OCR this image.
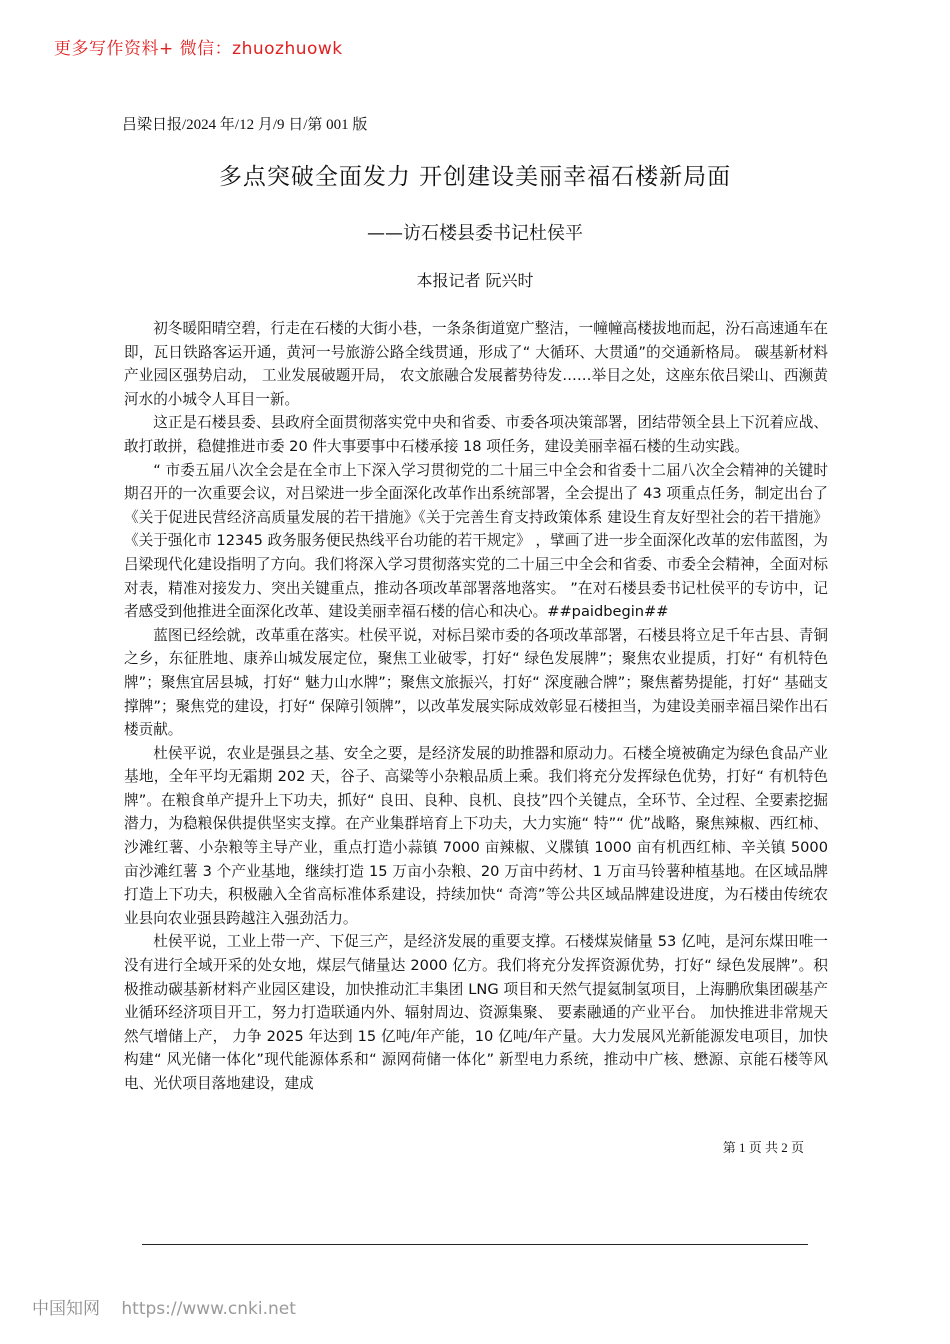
更多写作资料+ 微信：zhuozhuowk
吕梁日报/2024 年/12 月/9 日/第 001 版
多点突破全面发力 开创建设美丽幸福石楼新局面
——访石楼县委书记杜侯平
本报记者 阮兴时

初冬暖阳晴空碧，行走在石楼的大街小巷，一条条街道宽广整洁，一幢幢高楼拔地而起，汾石高速通车在即，瓦日铁路客运开通，黄河一号旅游公路全线贯通，形成了“ 大循环、大贯通”的交通新格局。 碳基新材料产业园区强势启动， 工业发展破题开局， 农文旅融合发展蓄势待发……举目之处，这座东依吕梁山、西濒黄河水的小城令人耳目一新。

这正是石楼县委、县政府全面贯彻落实党中央和省委、市委各项决策部署，团结带领全县上下沉着应战、敢打敢拼，稳健推进市委 20 件大事要事中石楼承接 18 项任务，建设美丽幸福石楼的生动实践。

“ 市委五届八次全会是在全市上下深入学习贯彻党的二十届三中全会和省委十二届八次全会精神的关键时期召开的一次重要会议，对吕梁进一步全面深化改革作出系统部署，全会提出了 43 项重点任务，制定出台了《关于促进民营经济高质量发展的若干措施》《关于完善生育支持政策体系 建设生育友好型社会的若干措施》《关于强化市 12345 政务服务便民热线平台功能的若干规定》 ，擘画了进一步全面深化改革的宏伟蓝图，为吕梁现代化建设指明了方向。我们将深入学习贯彻落实党的二十届三中全会和省委、市委全会精神，全面对标对表，精准对接发力、突出关键重点，推动各项改革部署落地落实。 ”在对石楼县委书记杜侯平的专访中，记者感受到他推进全面深化改革、建设美丽幸福石楼的信心和决心。##paidbegin##

蓝图已经绘就，改革重在落实。杜侯平说，对标吕梁市委的各项改革部署，石楼县将立足千年古县、青铜之乡，东征胜地、康养山城发展定位，聚焦工业破零，打好“ 绿色发展牌”；聚焦农业提质，打好“ 有机特色牌”；聚焦宜居县城，打好“ 魅力山水牌”；聚焦文旅振兴，打好“ 深度融合牌”；聚焦蓄势提能，打好“ 基础支撑牌”；聚焦党的建设，打好“ 保障引领牌”，以改革发展实际成效彰显石楼担当，为建设美丽幸福吕梁作出石楼贡献。

杜侯平说，农业是强县之基、安全之要，是经济发展的助推器和原动力。石楼全境被确定为绿色食品产业基地，全年平均无霜期 202 天，谷子、高粱等小杂粮品质上乘。我们将充分发挥绿色优势，打好“ 有机特色牌”。在粮食单产提升上下功夫，抓好“ 良田、良种、良机、良技”四个关键点，全环节、全过程、全要素挖掘潜力，为稳粮保供提供坚实支撑。在产业集群培育上下功夫，大力实施“ 特”“ 优”战略，聚焦辣椒、西红柿、沙滩红薯、小杂粮等主导产业，重点打造小蒜镇 7000 亩辣椒、义牒镇 1000 亩有机西红柿、辛关镇 5000 亩沙滩红薯 3 个产业基地，继续打造 15 万亩小杂粮、20 万亩中药材、1 万亩马铃薯种植基地。在区域品牌打造上下功夫，积极融入全省高标准体系建设，持续加快“ 奇湾”等公共区域品牌建设进度，为石楼由传统农业县向农业强县跨越注入强劲活力。

杜侯平说，工业上带一产、下促三产，是经济发展的重要支撑。石楼煤炭储量 53 亿吨，是河东煤田唯一没有进行全域开采的处女地，煤层气储量达 2000 亿方。我们将充分发挥资源优势，打好“ 绿色发展牌”。积极推动碳基新材料产业园区建设，加快推动汇丰集团 LNG 项目和天然气提氦制氢项目，上海鹏欣集团碳基产业循环经济项目开工，努力打造联通内外、辐射周边、资源集聚、 要素融通的产业平台。 加快推进非常规天然气增储上产， 力争 2025 年达到 15 亿吨/年产能，10 亿吨/年产量。大力发展风光新能源发电项目，加快构建“ 风光储一体化”现代能源体系和“ 源网荷储一体化” 新型电力系统，推动中广核、懋源、京能石楼等风电、光伏项目落地建设，建成

第 1 页 共 2 页
中国知网 https://www.cnki.net
